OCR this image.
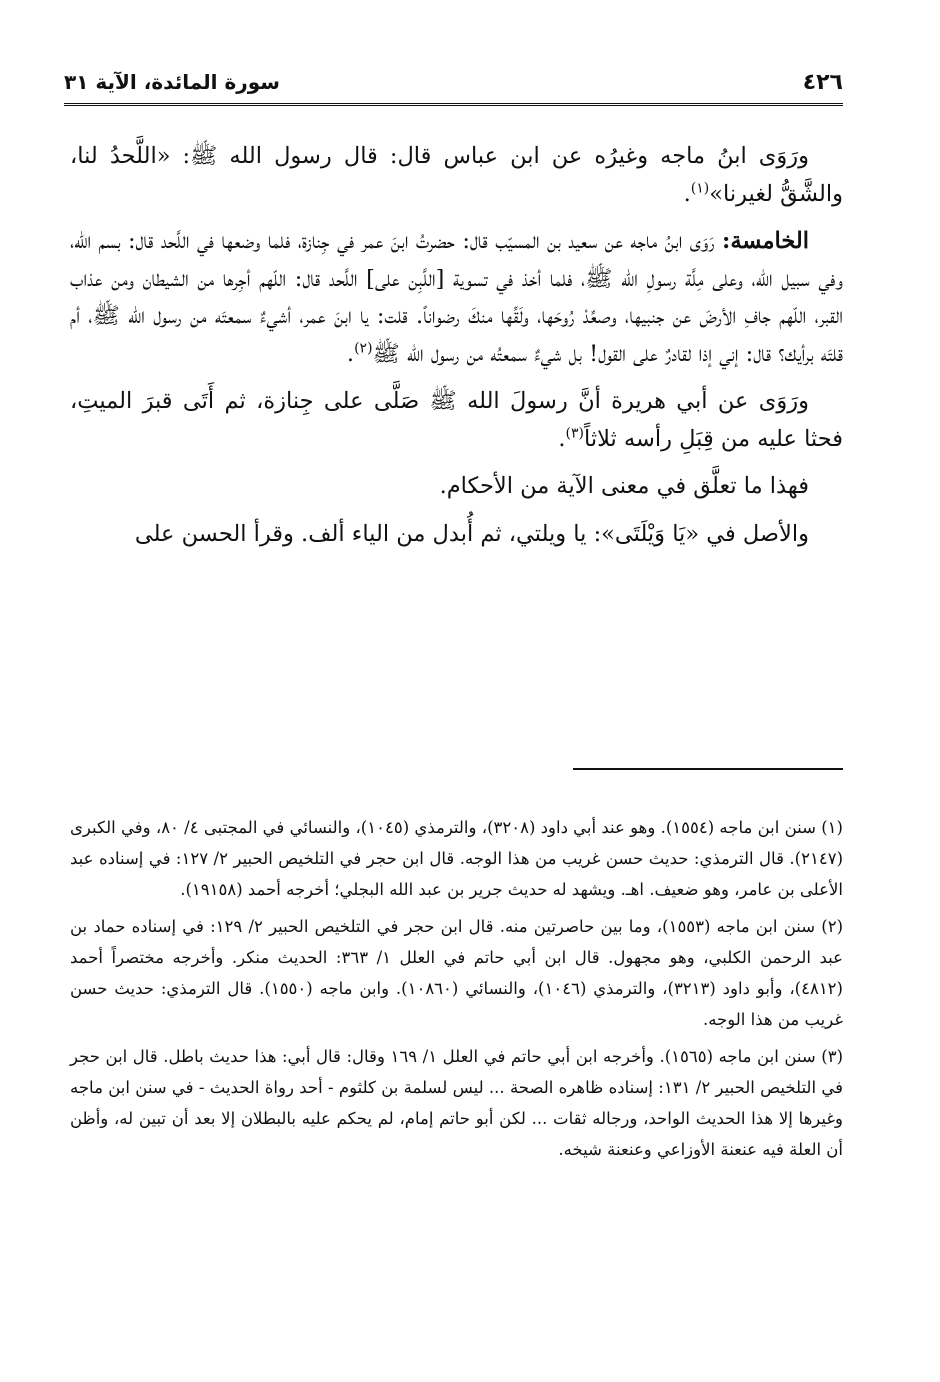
٤٢٦
سورة المائدة، الآية ٣١

ورَوَى ابنُ ماجه وغيرُه عن ابن عباس قال: قال رسول الله ﷺ: «اللَّحدُ لنا، والشَّقُّ لغيرنا»$^{(١)}$.

الخامسة: رَوَى ابنُ ماجه عن سعيد بن المسيّب قال: حضرتُ ابنَ عمر في جِنازة، فلما وضعها في اللَّحد قال: بسم الله، وفي سبيل الله، وعلى مِلَّة رسولِ الله ﷺ، فلما أخذ في تسوية [اللَّبِن على] اللَّحد قال: اللّهم أجِرها من الشيطان ومن عذاب القبر، اللّهم جافِ الأرضَ عن جنبيها، وصعِّدْ رُوحَها، ولَقِّها منكَ رضواناً. قلت: يا ابنَ عمر، أشيءٌ سمعتَه من رسول الله ﷺ، أم قلتَه برأيك؟ قال: إني إذا لقادرٌ على القول! بل شيءٌ سمعتُه من رسول الله ﷺ$^{(٢)}$.

ورَوَى عن أبي هريرة أنَّ رسولَ الله ﷺ صَلَّى على جِنازة، ثم أَتَى قبرَ الميتِ، فحثا عليه من قِبَلِ رأسه ثلاثاً$^{(٣)}$.

فهذا ما تعلَّق في معنى الآية من الأحكام.

والأصل في «يَا وَيْلَتَى»: يا ويلتي، ثم أُبدل من الياء ألف. وقرأ الحسن على

(١) سنن ابن ماجه (١٥٥٤). وهو عند أبي داود (٣٢٠٨)، والترمذي (١٠٤٥)، والنسائي في المجتبى ٤/ ٨٠، وفي الكبرى (٢١٤٧). قال الترمذي: حديث حسن غريب من هذا الوجه. قال ابن حجر في التلخيص الحبير ٢/ ١٢٧: في إسناده عبد الأعلى بن عامر، وهو ضعيف. اهـ. ويشهد له حديث جرير بن عبد الله البجلي؛ أخرجه أحمد (١٩١٥٨).

(٢) سنن ابن ماجه (١٥٥٣)، وما بين حاصرتين منه. قال ابن حجر في التلخيص الحبير ٢/ ١٢٩: في إسناده حماد بن عبد الرحمن الكلبي، وهو مجهول. قال ابن أبي حاتم في العلل ١/ ٣٦٣: الحديث منكر. وأخرجه مختصراً أحمد (٤٨١٢)، وأبو داود (٣٢١٣)، والترمذي (١٠٤٦)، والنسائي (١٠٨٦٠). وابن ماجه (١٥٥٠). قال الترمذي: حديث حسن غريب من هذا الوجه.

(٣) سنن ابن ماجه (١٥٦٥). وأخرجه ابن أبي حاتم في العلل ١/ ١٦٩ وقال: قال أبي: هذا حديث باطل. قال ابن حجر في التلخيص الحبير ٢/ ١٣١: إسناده ظاهره الصحة ... ليس لسلمة بن كلثوم - أحد رواة الحديث - في سنن ابن ماجه وغيرها إلا هذا الحديث الواحد، ورجاله ثقات ... لكن أبو حاتم إمام، لم يحكم عليه بالبطلان إلا بعد أن تبين له، وأظن أن العلة فيه عنعنة الأوزاعي وعنعنة شيخه.
